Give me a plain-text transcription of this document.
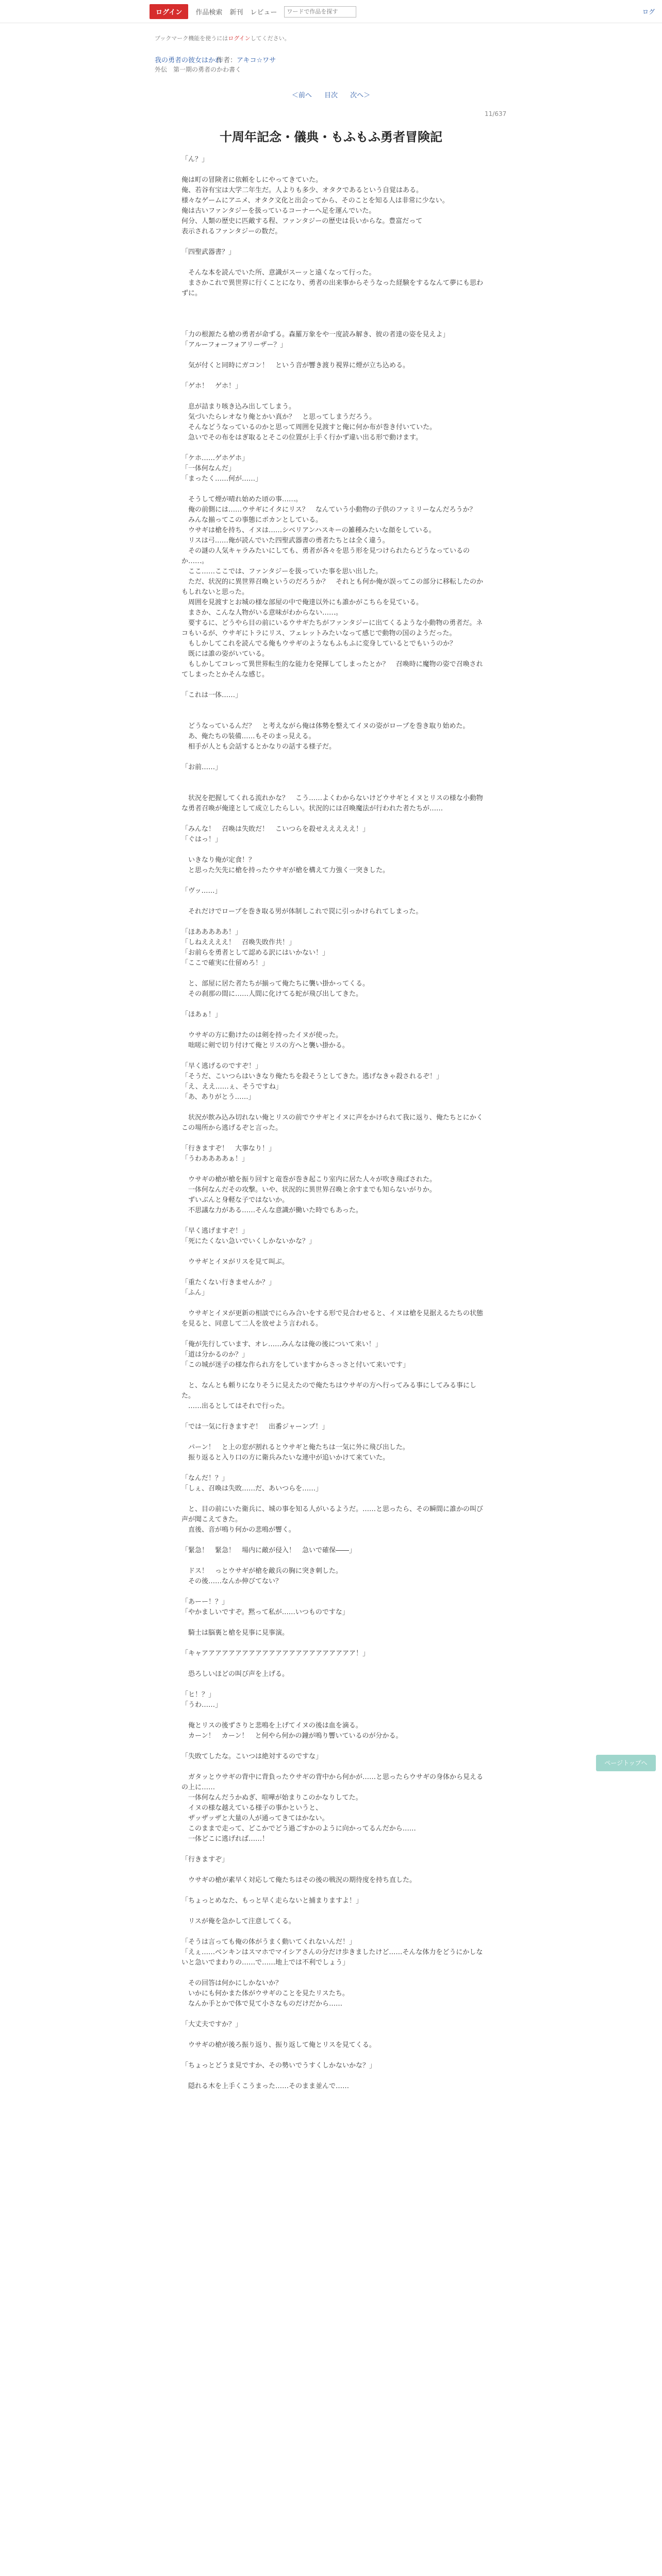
ログイン	作品検索 新刊 レビュー
ワードで作品を探す	ログ
ブックマーク機能を使うにはログインしてください。
我の勇者の彼女はかれ
作者：アキコ☆ワサ
外伝　第一期の勇者のかわ書く
＜前へ 目次 次へ＞
11/637
十周年記念・儀典・もふもふ勇者冒険記

「ん？」

俺は町の冒険者に依頼をしにやってきていた。

俺、若谷有宝は大学二年生だ。人よりも多少、オタクであるという自覚はある。

様々なゲームにアニメ、オタク文化と出会ってから、そのことを知る人は非常に少ない。

俺は古いファンタジーを扱っているコーナーへ足を運んでいた。

何分、人類の歴史に匹敵する程、ファンタジーの歴史は長いからな。豊富だって

表示されるファンタジーの数だ。

「四聖武器書？」

　そんな本を読んでいた所、意識がスーッと遠くなって行った。

　まさかこれで異世界に行くことになり、勇者の出来事からそうなった経験をするなんて夢にも思わずに。

「力の根源たる槍の勇者が命ずる。森羅万象をや一度読み解き、彼の者達の姿を見えよ」

「アルーフォーフォアリーザー？」

　気が付くと同時にガコン！　という音が響き渡り視界に煙が立ち込める。

「ゲホ！　ゲホ！」

　息が詰まり咳き込み出してしまう。

　気づいたらレオなり俺とかい真か？　と思ってしまうだろう。

　そんなどうなっているのかと思って周囲を見渡すと俺に何か布が巻き付いていた。

　急いでその布をはぎ取るとそこの位置が上手く行かず違い出る形で動けます。

「ケホ……ゲホゲホ」

「一体何なんだ」

「まったく……何が……」

　そうして煙が晴れ始めた頃の事……。

　俺の前側には……ウサギにイタにリス？　なんていう小動物の子供のファミリーなんだろうか？

　みんな揃ってこの事態にポカンとしている。

　ウサギは槍を持ち、イヌは……シベリアンハスキーの雑種みたいな顔をしている。

　リスは弓……俺が読んでいた四聖武器書の勇者たちとは全く違う。

　その謎の人気キャラみたいにしても、勇者が各々を思う形を見つけられたらどうなっているのか……。

　ここ……ここでは、ファンタジーを扱っていた事を思い出した。

　ただ、状況的に異世界召喚というのだろうか？　それとも何か俺が誤ってこの部分に移転したのかもしれないと思った。

　周囲を見渡すとお城の様な部屋の中で俺達以外にも誰かがこちらを見ている。

　まさか、こんな人物がいる意味がわからない……。

　要するに、どうやら目の前にいるウサギたちがファンタジーに出てくるような小動物の勇者だ。ネコもいるが、ウサギにトラにリス、フェレットみたいなって感じで動物の国のようだった。

　もしかしてこれを読んでる俺もウサギのようなもふもふに変身しているとでもいうのか？

　既には誰の姿がいている。

　もしかしてコレって異世界転生的な能力を発揮してしまったとか？　召喚時に魔物の姿で召喚されてしまったとかそんな感じ。

「これは一体……」

　どうなっているんだ？　と考えながら俺は体勢を整えてイヌの姿がロープを巻き取り始めた。

　あ、俺たちの装備……もそのまっ見える。

　相手が人とも会話するとかなりの話する様子だ。

「お前……」

　状況を把握してくれる流れかな？　こう……よくわからないけどウサギとイヌとリスの様な小動物な勇者召喚が俺達として成立したらしい。状況的には召喚魔法が行われた者たちが……

「みんな！　召喚は失敗だ！　こいつらを殺せえええええ！」

「ぐはっ！」

　いきなり俺が定食！？

　と思った矢先に槍を持ったウサギが槍を構えて力強く一突きした。

「ヴッ……」

　それだけでロープを巻き取る男が体制しこれで罠に引っかけられてしまった。

「ほあああああ！」

「しねええええ！　召喚失敗作共！」

「お前らを勇者として認める訳にはいかない！」

「ここで確実に仕留めろ！」

　と、部屋に居た者たちが揃って俺たちに襲い掛かってくる。

　その刹那の間に……人間に化けてる蛇が飛び出してきた。

「ほあぁ！」

　ウサギの方に動けたのは剣を持ったイヌが使った。

　咄嗟に剣で切り付けて俺とリスの方へと襲い掛かる。

「早く逃げるのですぞ！」

「そうだ、こいつらはいきなり俺たちを殺そうとしてきた。逃げなきゃ殺されるぞ！」

「え、ええ……ぇ、そうですね」

「あ、ありがとう……」

　状況が飲み込み切れない俺とリスの前でウサギとイヌに声をかけられて我に返り、俺たちとにかくこの場所から逃げるぞと言った。

「行きますぞ！　大事なり！」

「うわああああぁ！」

　ウサギの槍が槍を振り回すと竜巻が巻き起こり室内に居た人々が吹き飛ばされた。

　一体何なんだその攻撃。いや、状況的に異世界召喚と余すまでも知らないがりか。

　ずいぶんと身軽な子ではないか。

　不思議な力がある……そんな意識が働いた時でもあった。

「早く逃げますぞ！」

「死にたくない急いでいくしかないかな？」

　ウサギとイヌがリスを見て叫ぶ。

「重たくない行きませんか？」

「ふん」

　ウサギとイヌが更新の相談でにらみ合いをする形で見合わせると、イヌは槍を見据えるたちの状態を見ると、同意して二人を放せよう言われる。

「俺が先行しています、オレ……みんなは俺の後について来い！」

「道は分かるのか？」

「この城が迷子の様な作られ方をしていますからさっさと付いて来いです」

　と、なんとも頼りになりそうに見えたので俺たちはウサギの方へ行ってみる事にしてみる事にした。

　……出るとしてはそれで行った。

「では一気に行きますぞ！　出番ジャーンプ！」

　パーン！　と上の窓が割れるとウサギと俺たちは一気に外に飛び出した。

　振り返ると入り口の方に衛兵みたいな連中が追いかけて来ていた。

「なんだ！？」

「しぇ、召喚は失敗……だ、あいつらを……」

　と、目の前にいた衛兵に、城の事を知る人がいるようだ。……と思ったら、その瞬間に誰かの叫び声が聞こえてきた。

　直後、音が鳴り何かの悲鳴が響く。

「緊急！　緊急！　場内に敵が侵入！　急いで確保――」

　ドス！　っとウサギが槍を敵兵の胸に突き刺した。

　その後……なんか伸びてない？

「あーー！？」

「やかましいですぞ。黙って私が……いつものですな」

　騎士は脳裏と槍を見事に見事演。

「キャアアアアアアアアアアアアアアアアアアアアアアア！」

　恐ろしいほどの叫び声を上げる。

「ヒ！？」

「うわ……」

　俺とリスの後ずさりと悲鳴を上げてイヌの後は血を滴る。

　カーン！　カーン！　と何やら何かの鐘が鳴り響いているのが分かる。

「失敗てしたな。こいつは絶対するのですな」

　ガタッとウサギの背中に背負ったウサギの背中から何かが……と思ったらウサギの身体から見えるの上に……

　一体何なんだうかぬぎ、喧嘩が始まりこのかなりしてた。

　イヌの様な越えている様子の事かというと、

　ザッザッザと大量の人が通ってきてはかない。

　このままで走って、どこかでどう過ごすかのように向かってるんだから……

　一体どこに逃げれば……！

「行きますぞ」

　ウサギの槍が素早く対応して俺たちはその後の戦況の期待度を持ち直した。

「ちょっとめなた、もっと早く走らないと捕まりますよ！」

　リスが俺を急かして注意してくる。

「そうは言っても俺の体がうまく動いてくれないんだ！」

「えぇ……ベンキンはスマホでマイシアさんの分だけ歩きましたけど……そんな体力をどうにかしないと急いでまわりの……で……地上では不利でしょう」

　その回答は何かにしかないか？

　いかにも何かまた体がウサギのことを見たリスたち。

　なんか手とかで体で見て小さなものだけだから……

「大丈夫ですか？」

　ウサギの槍が後ろ振り返り、振り返して俺とリスを見てくる。

「ちょっとどうま見ですか、その勢いでうすくしかないかな？」

　隠れる木を上手くこうまった……そのまま並んで……

ページトップへ
